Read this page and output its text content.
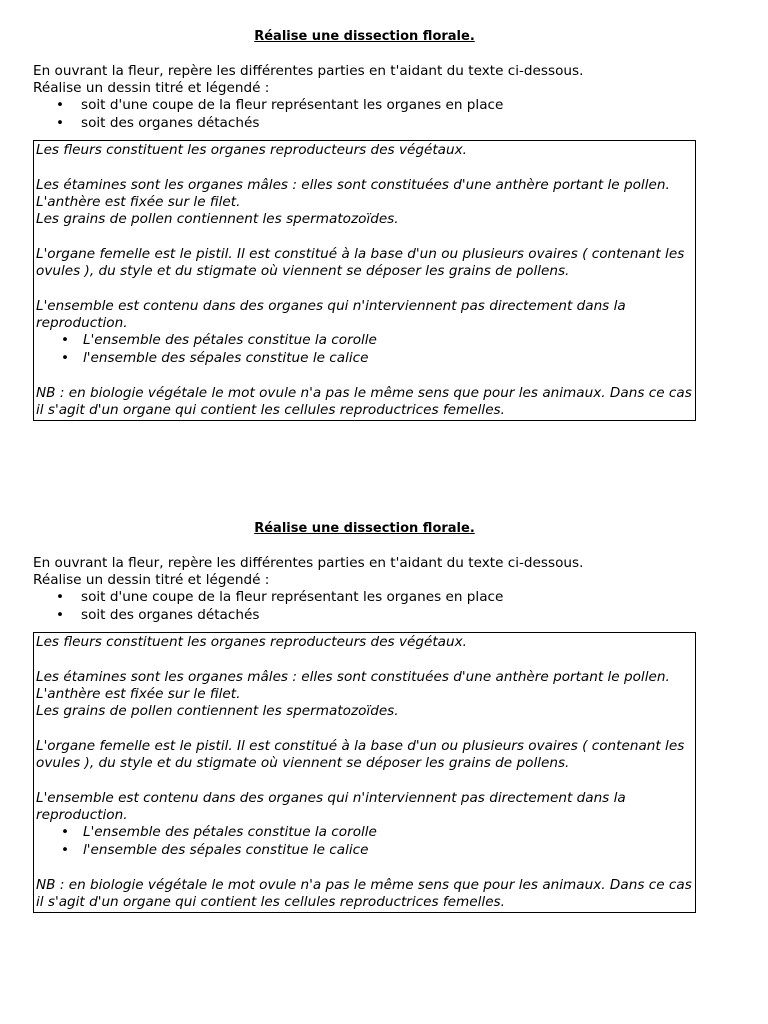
Réalise une dissection florale.

En ouvrant la fleur, repère les différentes parties en t'aidant du texte ci-dessous.

Réalise un dessin titré et légendé :

• soit d'une coupe de la fleur représentant les organes en place
• soit des organes détachés

Les fleurs constituent les organes reproducteurs des végétaux.

Les étamines sont les organes mâles : elles sont constituées d'une anthère portant le pollen. L'anthère est fixée sur le filet.

Les grains de pollen contiennent les spermatozoïdes.

L'organe femelle est le pistil. Il est constitué à la base d'un ou plusieurs ovaires ( contenant les ovules ), du style et du stigmate où viennent se déposer les grains de pollens.

L'ensemble est contenu dans des organes qui n'interviennent pas directement dans la reproduction.

• L'ensemble des pétales constitue la corolle
• l'ensemble des sépales constitue le calice

NB : en biologie végétale le mot ovule n'a pas le même sens que pour les animaux. Dans ce cas il s'agit d'un organe qui contient les cellules reproductrices femelles.

Réalise une dissection florale.

En ouvrant la fleur, repère les différentes parties en t'aidant du texte ci-dessous.

Réalise un dessin titré et légendé :

• soit d'une coupe de la fleur représentant les organes en place
• soit des organes détachés

Les fleurs constituent les organes reproducteurs des végétaux.

Les étamines sont les organes mâles : elles sont constituées d'une anthère portant le pollen. L'anthère est fixée sur le filet.

Les grains de pollen contiennent les spermatozoïdes.

L'organe femelle est le pistil. Il est constitué à la base d'un ou plusieurs ovaires ( contenant les ovules ), du style et du stigmate où viennent se déposer les grains de pollens.

L'ensemble est contenu dans des organes qui n'interviennent pas directement dans la reproduction.

• L'ensemble des pétales constitue la corolle
• l'ensemble des sépales constitue le calice

NB : en biologie végétale le mot ovule n'a pas le même sens que pour les animaux. Dans ce cas il s'agit d'un organe qui contient les cellules reproductrices femelles.
